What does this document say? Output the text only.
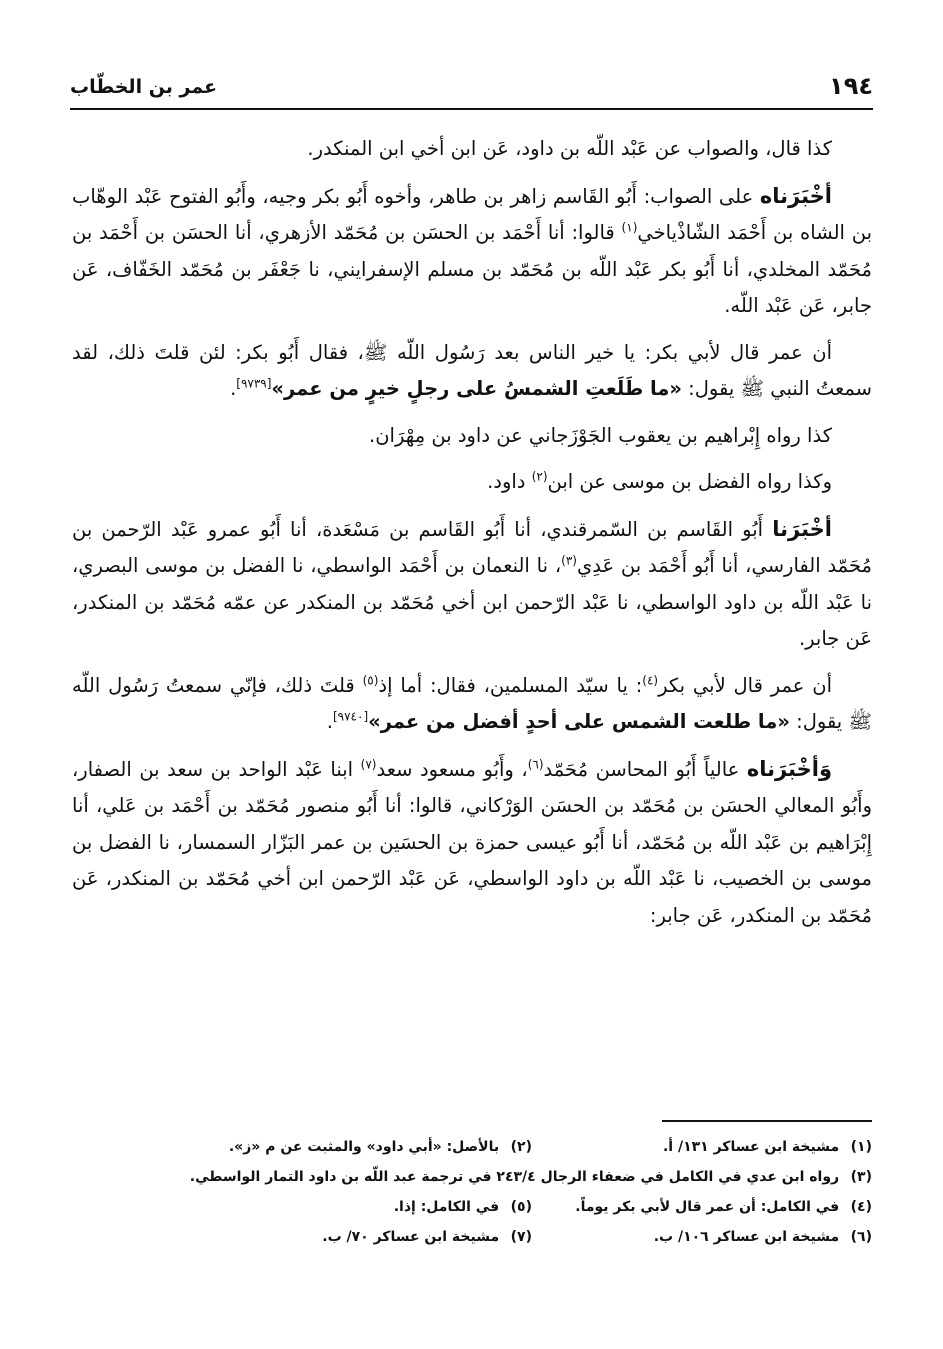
١٩٤
عمر بن الخطّاب

كذا قال، والصواب عن عَبْد اللّه بن داود، عَن ابن أخي ابن المنكدر.

أخْبَرَناه على الصواب: أَبُو القَاسم زاهر بن طاهر، وأخوه أَبُو بكر وجيه، وأَبُو الفتوح عَبْد الوهّاب بن الشاه بن أَحْمَد الشّاذْياخي$^{(١)}$ قالوا: أنا أَحْمَد بن الحسَن بن مُحَمّد الأزهري، أنا الحسَن بن أَحْمَد بن مُحَمّد المخلدي، أنا أَبُو بكر عَبْد اللّه بن مُحَمّد بن مسلم الإسفرايني، نا جَعْفَر بن مُحَمّد الخَفّاف، عَن جابر، عَن عَبْد اللّه.

أن عمر قال لأبي بكر: يا خير الناس بعد رَسُول اللّه ﷺ، فقال أَبُو بكر: لئن قلتَ ذلك، لقد سمعتُ النبي ﷺ يقول: «ما طَلَعتِ الشمسُ على رجلٍ خيرٍ من عمر»[٩٧٣٩].

كذا رواه إِبْراهيم بن يعقوب الجَوْزَجاني عن داود بن مِهْرَان.

وكذا رواه الفضل بن موسى عن ابن$^{(٢)}$ داود.

أخْبَرَنا أَبُو القَاسم بن السّمرقندي، أنا أَبُو القَاسم بن مَسْعَدة، أنا أَبُو عمرو عَبْد الرّحمن بن مُحَمّد الفارسي، أنا أَبُو أَحْمَد بن عَدِي$^{(٣)}$، نا النعمان بن أَحْمَد الواسطي، نا الفضل بن موسى البصري، نا عَبْد اللّه بن داود الواسطي، نا عَبْد الرّحمن ابن أخي مُحَمّد بن المنكدر عن عمّه مُحَمّد بن المنكدر، عَن جابر.

أن عمر قال لأبي بكر$^{(٤)}$: يا سيّد المسلمين، فقال: أما إذ$^{(٥)}$ قلتَ ذلك، فإنّي سمعتُ رَسُول اللّه ﷺ يقول: «ما طلعت الشمس على أحدٍ أفضل من عمر»[٩٧٤٠].

وَأخْبَرَناه عالياً أَبُو المحاسن مُحَمّد$^{(٦)}$، وأَبُو مسعود سعد$^{(٧)}$ ابنا عَبْد الواحد بن سعد بن الصفار، وأَبُو المعالي الحسَن بن مُحَمّد بن الحسَن الوَرْكاني، قالوا: أنا أَبُو منصور مُحَمّد بن أَحْمَد بن عَلي، أنا إِبْرَاهيم بن عَبْد اللّه بن مُحَمّد، أنا أَبُو عيسى حمزة بن الحسَين بن عمر البَزّار السمسار، نا الفضل بن موسى بن الخصيب، نا عَبْد اللّه بن داود الواسطي، عَن عَبْد الرّحمن ابن أخي مُحَمّد بن المنكدر، عَن مُحَمّد بن المنكدر، عَن جابر:

(١) مشيخة ابن عساكر ١٣١/ أ.
(٢) بالأصل: «أبي داود» والمثبت عن م «ز».
(٣) رواه ابن عدي في الكامل في ضعفاء الرجال ٢٤٣/٤ في ترجمة عبد اللّه بن داود التمار الواسطي.
(٤) في الكامل: أن عمر قال لأبي بكر يوماً.
(٥) في الكامل: إذا.
(٦) مشيخة ابن عساكر ١٠٦/ ب.
(٧) مشيخة ابن عساكر ٧٠/ ب.
